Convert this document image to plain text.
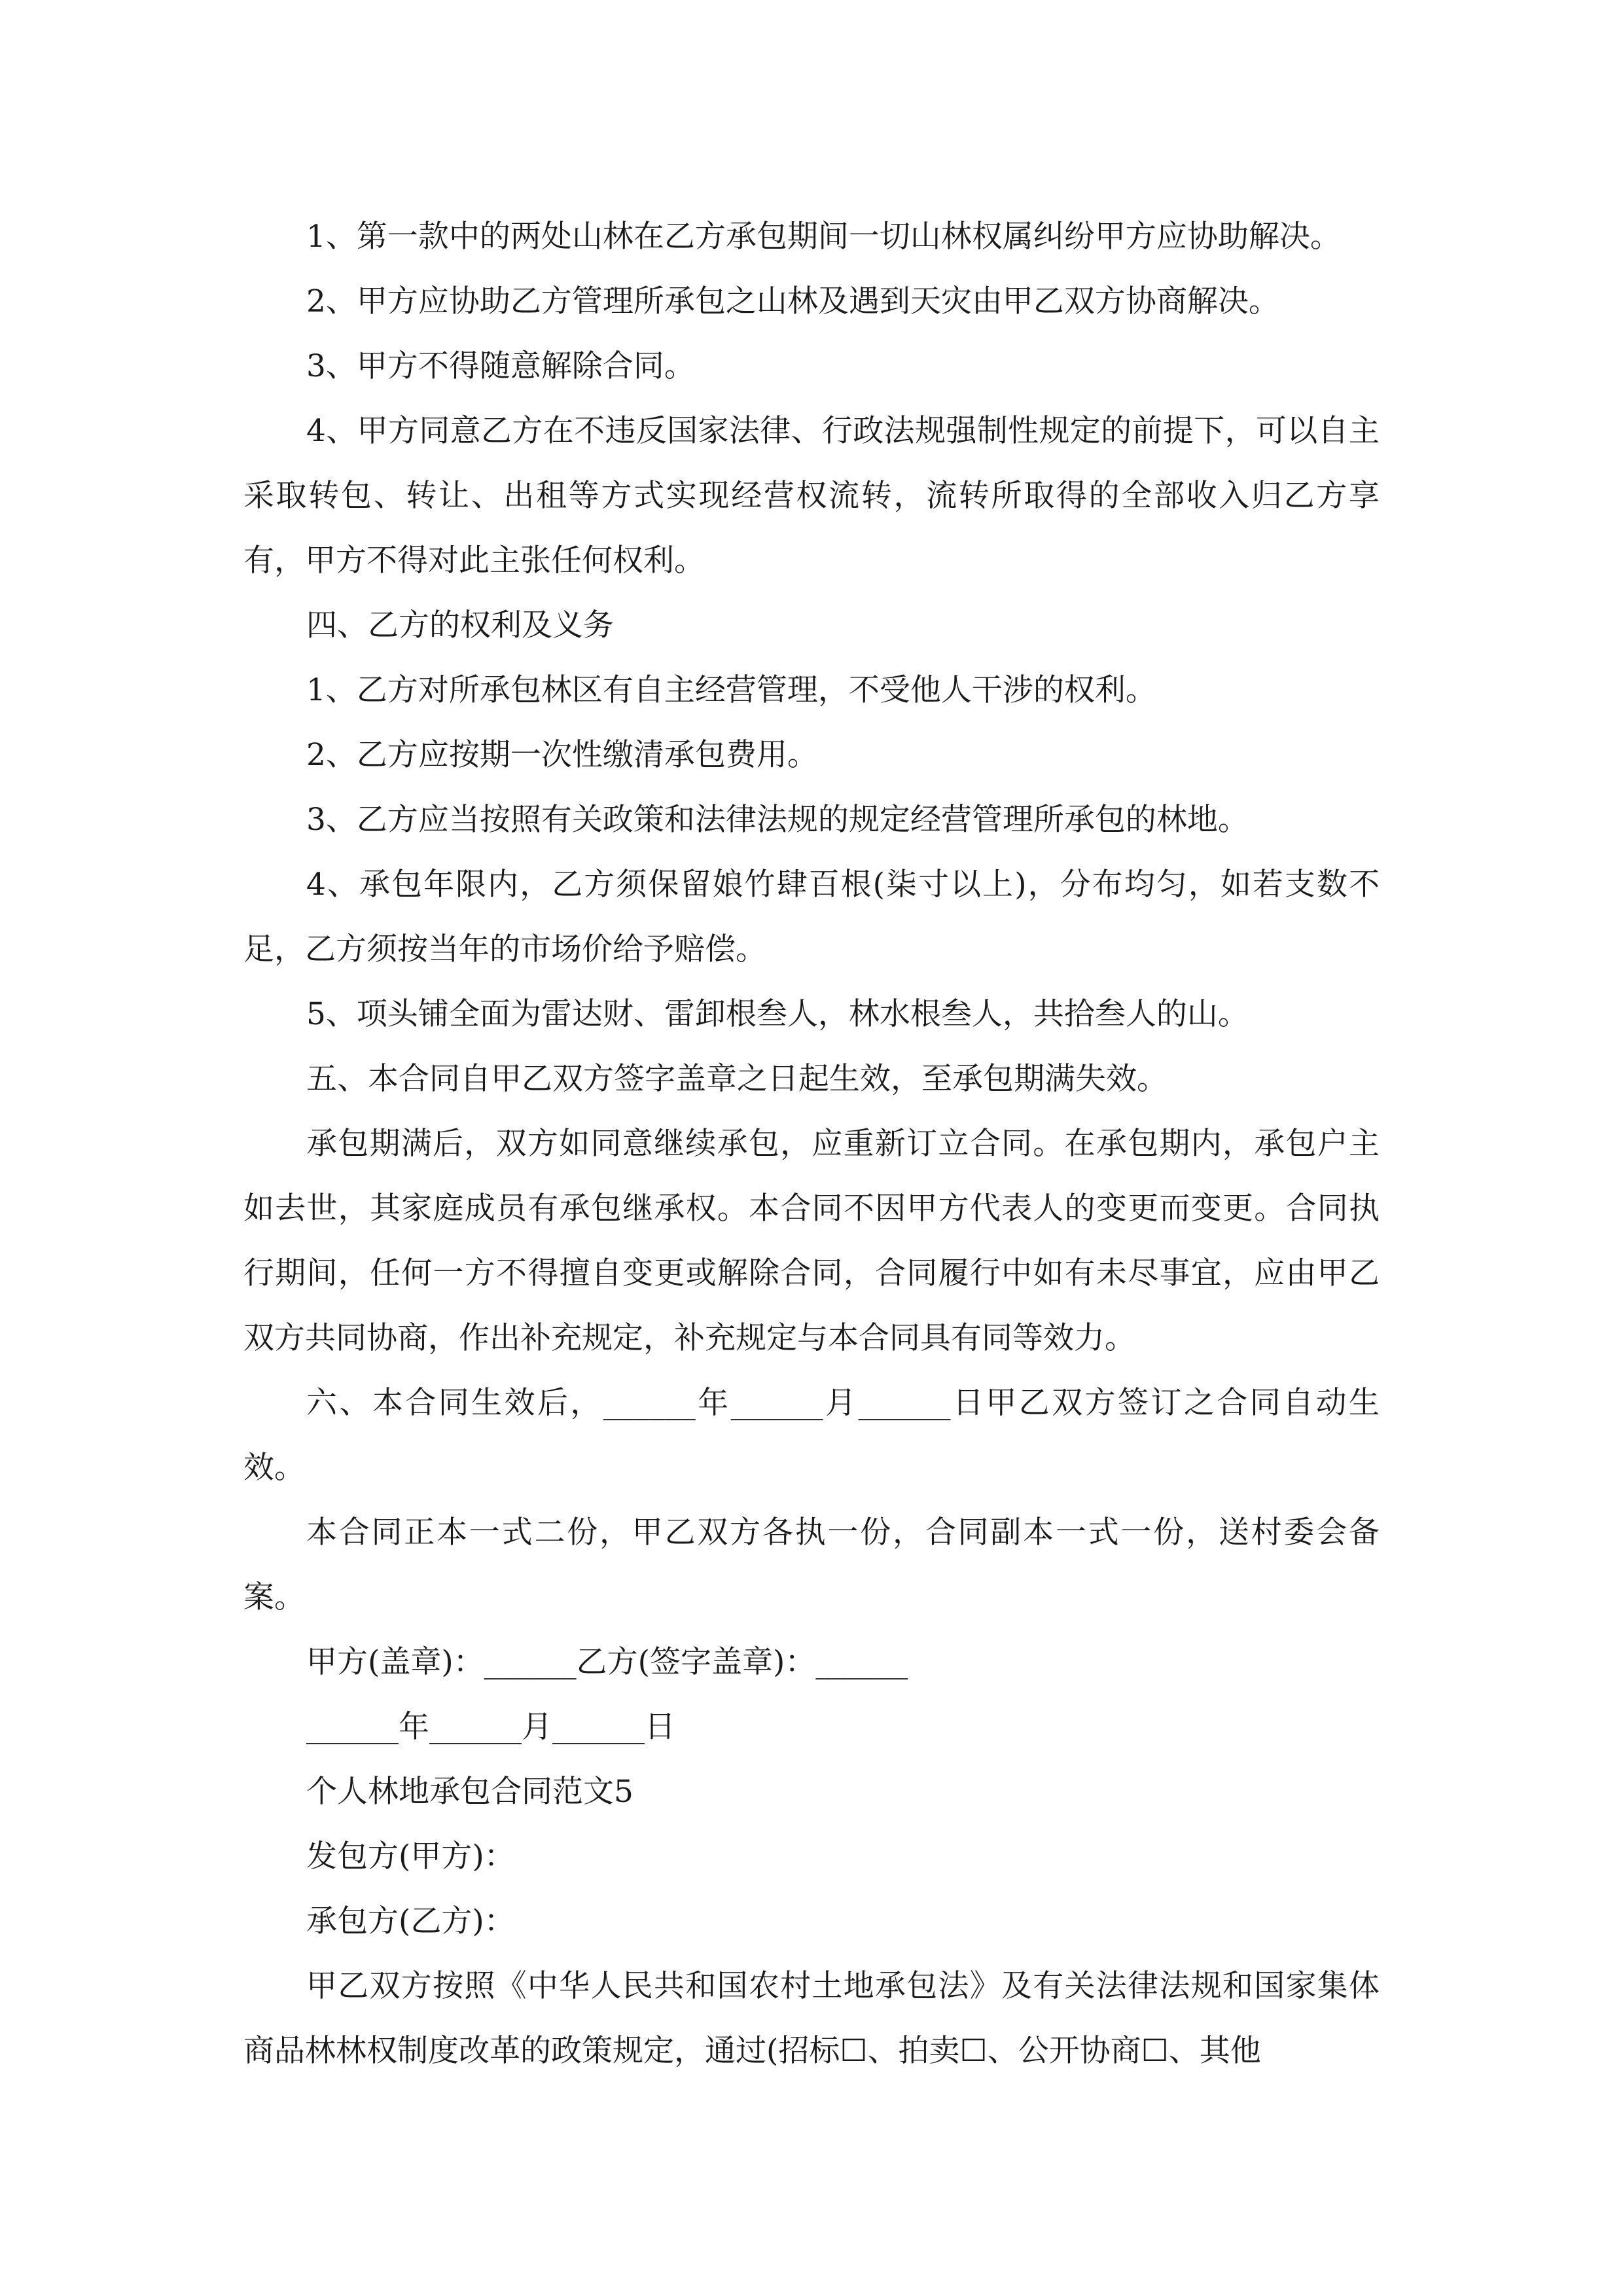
1、第一款中的两处山林在乙方承包期间一切山林权属纠纷甲方应协助解决。

2、甲方应协助乙方管理所承包之山林及遇到天灾由甲乙双方协商解决。

3、甲方不得随意解除合同。

4、甲方同意乙方在不违反国家法律、行政法规强制性规定的前提下，可以自主采取转包、转让、出租等方式实现经营权流转，流转所取得的全部收入归乙方享有，甲方不得对此主张任何权利。

四、乙方的权利及义务

1、乙方对所承包林区有自主经营管理，不受他人干涉的权利。

2、乙方应按期一次性缴清承包费用。

3、乙方应当按照有关政策和法律法规的规定经营管理所承包的林地。

4、承包年限内，乙方须保留娘竹肆百根(柒寸以上)，分布均匀，如若支数不足，乙方须按当年的市场价给予赔偿。

5、项头铺全面为雷达财、雷卸根叁人，林水根叁人，共拾叁人的山。

五、本合同自甲乙双方签字盖章之日起生效，至承包期满失效。

承包期满后，双方如同意继续承包，应重新订立合同。在承包期内，承包户主如去世，其家庭成员有承包继承权。本合同不因甲方代表人的变更而变更。合同执行期间，任何一方不得擅自变更或解除合同，合同履行中如有未尽事宜，应由甲乙双方共同协商，作出补充规定，补充规定与本合同具有同等效力。

六、本合同生效后，______年______月______日甲乙双方签订之合同自动生效。

本合同正本一式二份，甲乙双方各执一份，合同副本一式一份，送村委会备案。

甲方(盖章)：______乙方(签字盖章)：______

______年______月______日

个人林地承包合同范文5

发包方(甲方)：

承包方(乙方)：

甲乙双方按照《中华人民共和国农村土地承包法》及有关法律法规和国家集体商品林林权制度改革的政策规定，通过(招标☐、拍卖☐、公开协商☐、其他
